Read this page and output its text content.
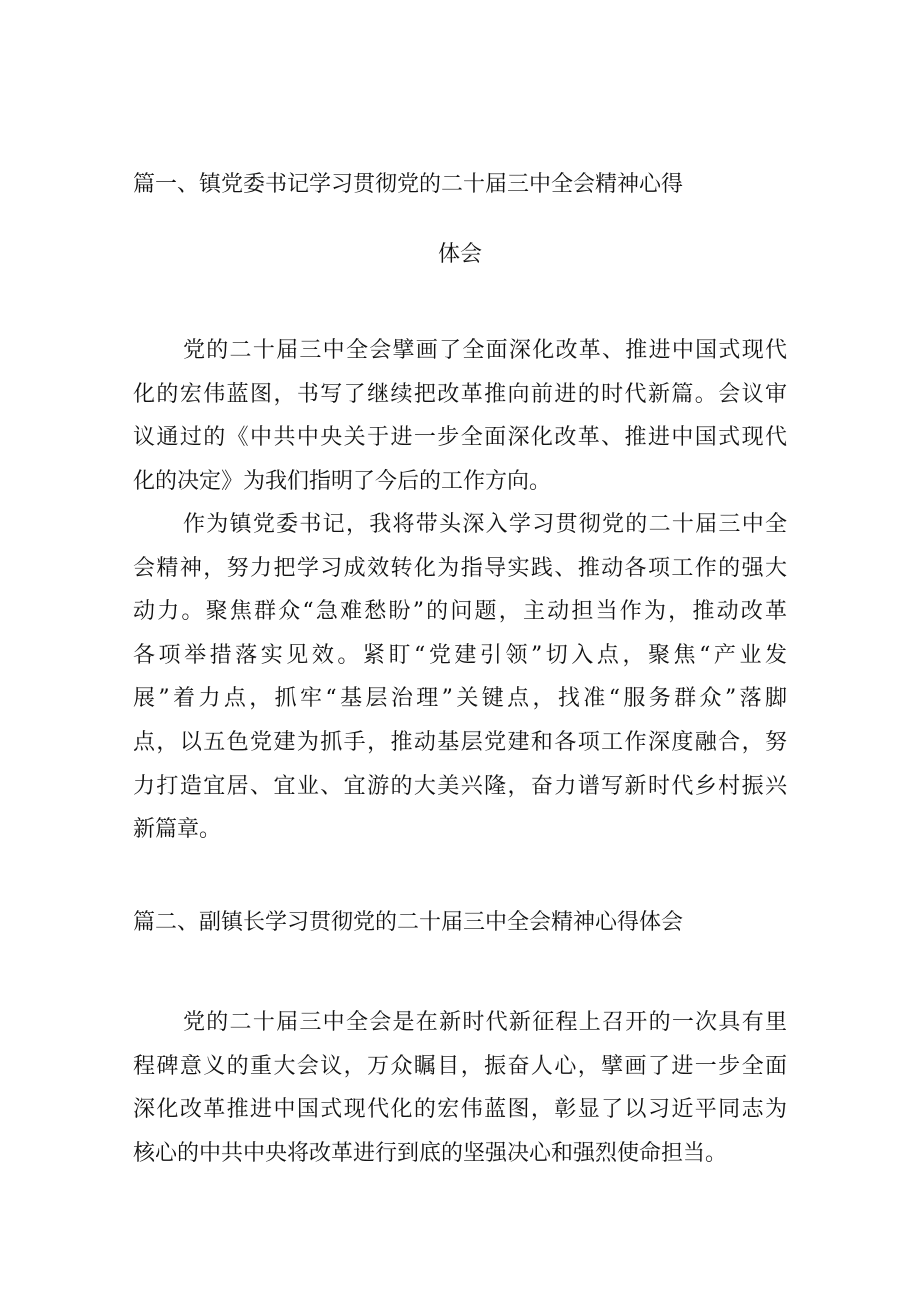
篇一、镇党委书记学习贯彻党的二十届三中全会精神心得
体会
党的二十届三中全会擘画了全面深化改革、推进中国式现代
化的宏伟蓝图，书写了继续把改革推向前进的时代新篇。会议审
议通过的《中共中央关于进一步全面深化改革、推进中国式现代
化的决定》为我们指明了今后的工作方向。
作为镇党委书记，我将带头深入学习贯彻党的二十届三中全
会精神，努力把学习成效转化为指导实践、推动各项工作的强大
动力。聚焦群众“急难愁盼”的问题，主动担当作为，推动改革
各项举措落实见效。紧盯“党建引领”切入点，聚焦“产业发
展”着力点，抓牢“基层治理”关键点，找准“服务群众”落脚
点，以五色党建为抓手，推动基层党建和各项工作深度融合，努
力打造宜居、宜业、宜游的大美兴隆，奋力谱写新时代乡村振兴
新篇章。
篇二、副镇长学习贯彻党的二十届三中全会精神心得体会
党的二十届三中全会是在新时代新征程上召开的一次具有里
程碑意义的重大会议，万众瞩目，振奋人心，擘画了进一步全面
深化改革推进中国式现代化的宏伟蓝图，彰显了以习近平同志为
核心的中共中央将改革进行到底的坚强决心和强烈使命担当。
